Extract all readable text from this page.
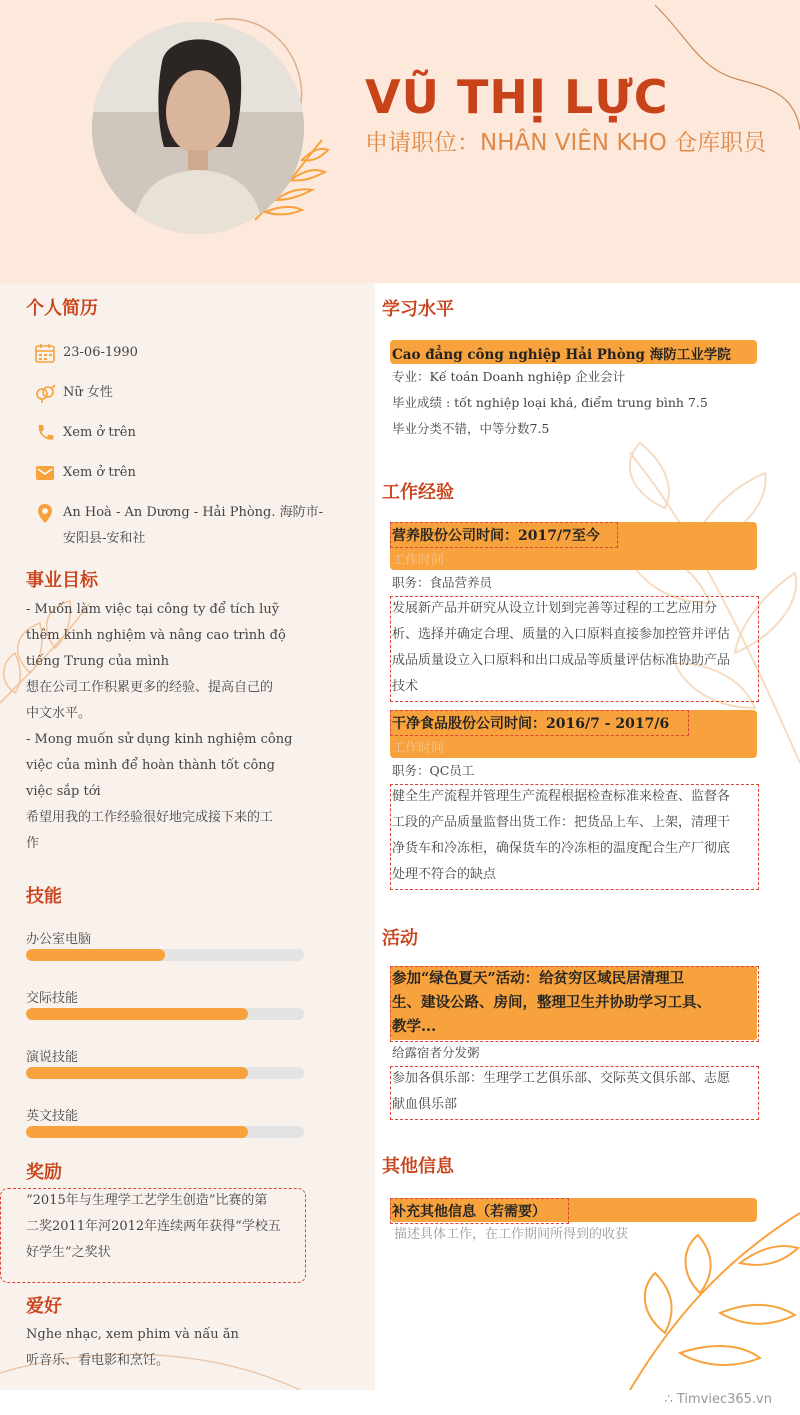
VŨ THỊ LỰC
申请职位：NHÂN VIÊN KHO 仓库职员
个人简历
23-06-1990
Nữ 女性
Xem ở trên
Xem ở trên
An Hoà - An Dương - Hải Phòng. 海防市-
安阳县-安和社
事业目标
- Muốn làm việc tại công ty để tích luỹ
thêm kinh nghiệm và nâng cao trình độ
tiếng Trung của mình
想在公司工作积累更多的经验、提高自己的
中文水平。
- Mong muốn sử dụng kinh nghiệm công
việc của mình để hoàn thành tốt công
việc sắp tới
希望用我的工作经验很好地完成接下来的工
作
技能
办公室电脑
交际技能
演说技能
英文技能
奖励
“2015年与生理学工艺学生创造”比赛的第
二奖2011年河2012年连续两年获得“学校五
好学生”之奖状
爱好
Nghe nhạc, xem phim và nấu ăn
听音乐、看电影和烹饪。
学习水平
Cao đẳng công nghiệp Hải Phòng 海防工业学院
专业：Kế toán Doanh nghiệp 企业会计
毕业成绩 : tốt nghiệp loại khá, điểm trung bình 7.5
毕业分类不错，中等分数7.5
工作经验
营养股份公司时间：2017/7至今
工作时间
职务：食品营养员
发展新产品并研究从设立计划到完善等过程的工艺应用分
析、选择并确定合理、质量的入口原料直接参加控管并评估
成品质量设立入口原料和出口成品等质量评估标准协助产品
技术
干净食品股份公司时间：2016/7 - 2017/6
工作时间
职务：QC员工
健全生产流程并管理生产流程根据检查标准来检查、监督各
工段的产品质量监督出货工作：把货品上车、上架，清理干
净货车和冷冻柜，确保货车的冷冻柜的温度配合生产厂彻底
处理不符合的缺点
活动
参加“绿色夏天”活动：给贫穷区域民居清理卫
生、建设公路、房间，整理卫生并协助学习工具、
教学...
给露宿者分发粥
参加各俱乐部：生理学工艺俱乐部、交际英文俱乐部、志愿
献血俱乐部
其他信息
补充其他信息（若需要）
描述具体工作，在工作期间所得到的收获
∴ Timviec365.vn
